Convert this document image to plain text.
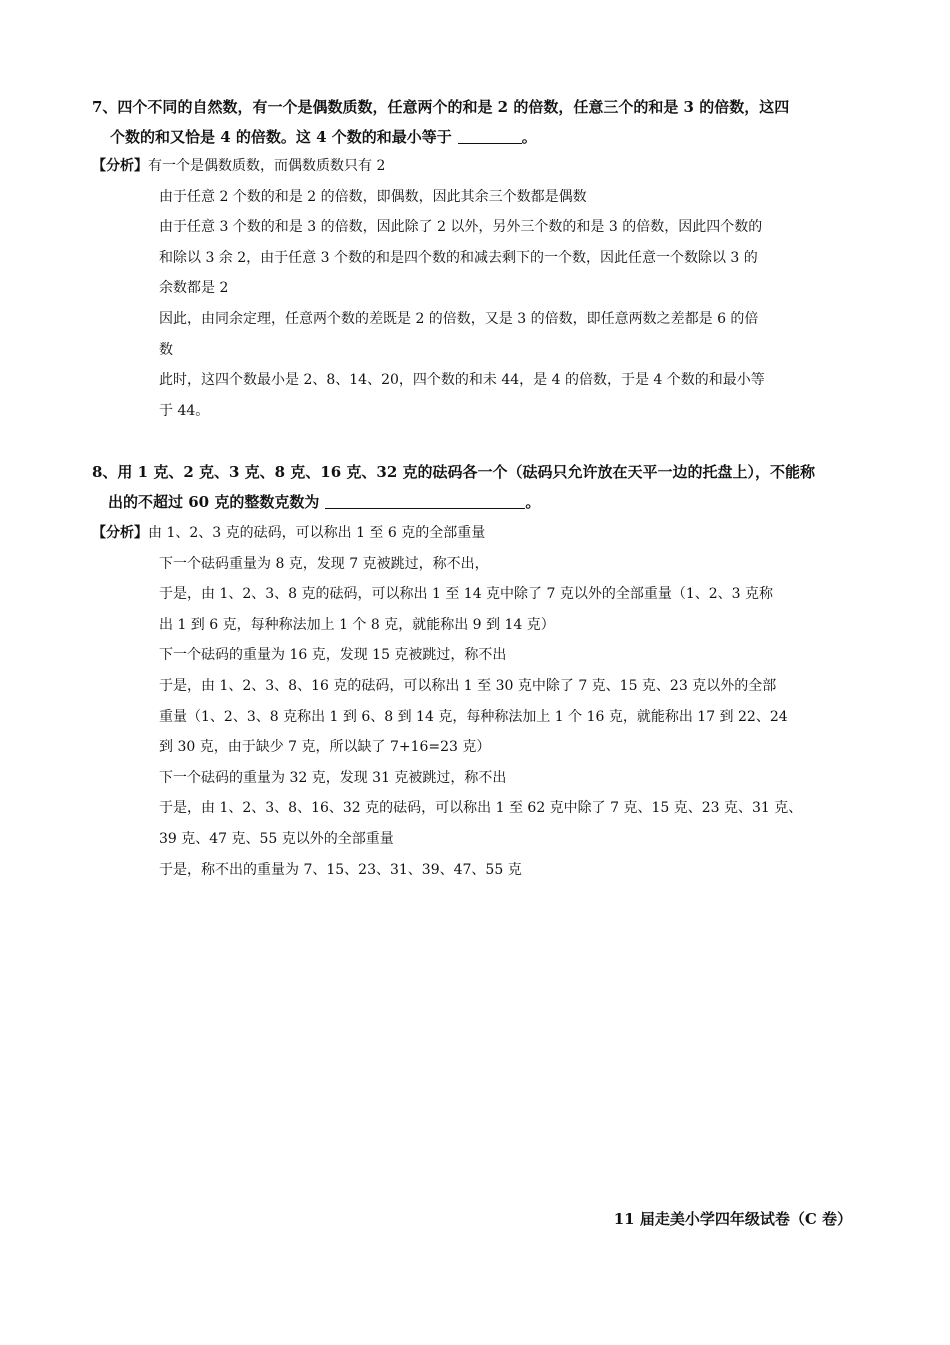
7、四个不同的自然数，有一个是偶数质数，任意两个的和是 2 的倍数，任意三个的和是 3 的倍数，这四
个数的和又恰是 4 的倍数。这 4 个数的和最小等于	。
【分析】有一个是偶数质数，而偶数质数只有 2
由于任意 2 个数的和是 2 的倍数，即偶数，因此其余三个数都是偶数
由于任意 3 个数的和是 3 的倍数，因此除了 2 以外，另外三个数的和是 3 的倍数，因此四个数的
和除以 3 余 2，由于任意 3 个数的和是四个数的和减去剩下的一个数，因此任意一个数除以 3 的
余数都是 2
因此，由同余定理，任意两个数的差既是 2 的倍数，又是 3 的倍数，即任意两数之差都是 6 的倍
数
此时，这四个数最小是 2、8、14、20，四个数的和未 44，是 4 的倍数，于是 4 个数的和最小等
于 44。
8、用 1 克、2 克、3 克、8 克、16 克、32 克的砝码各一个（砝码只允许放在天平一边的托盘上），不能称
出的不超过 60 克的整数克数为	。
【分析】由 1、2、3 克的砝码，可以称出 1 至 6 克的全部重量
下一个砝码重量为 8 克，发现 7 克被跳过，称不出，
于是，由 1、2、3、8 克的砝码，可以称出 1 至 14 克中除了 7 克以外的全部重量（1、2、3 克称
出 1 到 6 克，每种称法加上 1 个 8 克，就能称出 9 到 14 克）
下一个砝码的重量为 16 克，发现 15 克被跳过，称不出
于是，由 1、2、3、8、16 克的砝码，可以称出 1 至 30 克中除了 7 克、15 克、23 克以外的全部
重量（1、2、3、8 克称出 1 到 6、8 到 14 克，每种称法加上 1 个 16 克，就能称出 17 到 22、24
到 30 克，由于缺少 7 克，所以缺了 7+16=23 克）
下一个砝码的重量为 32 克，发现 31 克被跳过，称不出
于是，由 1、2、3、8、16、32 克的砝码，可以称出 1 至 62 克中除了 7 克、15 克、23 克、31 克、
39 克、47 克、55 克以外的全部重量
于是，称不出的重量为 7、15、23、31、39、47、55 克
11 届走美小学四年级试卷（C 卷）
